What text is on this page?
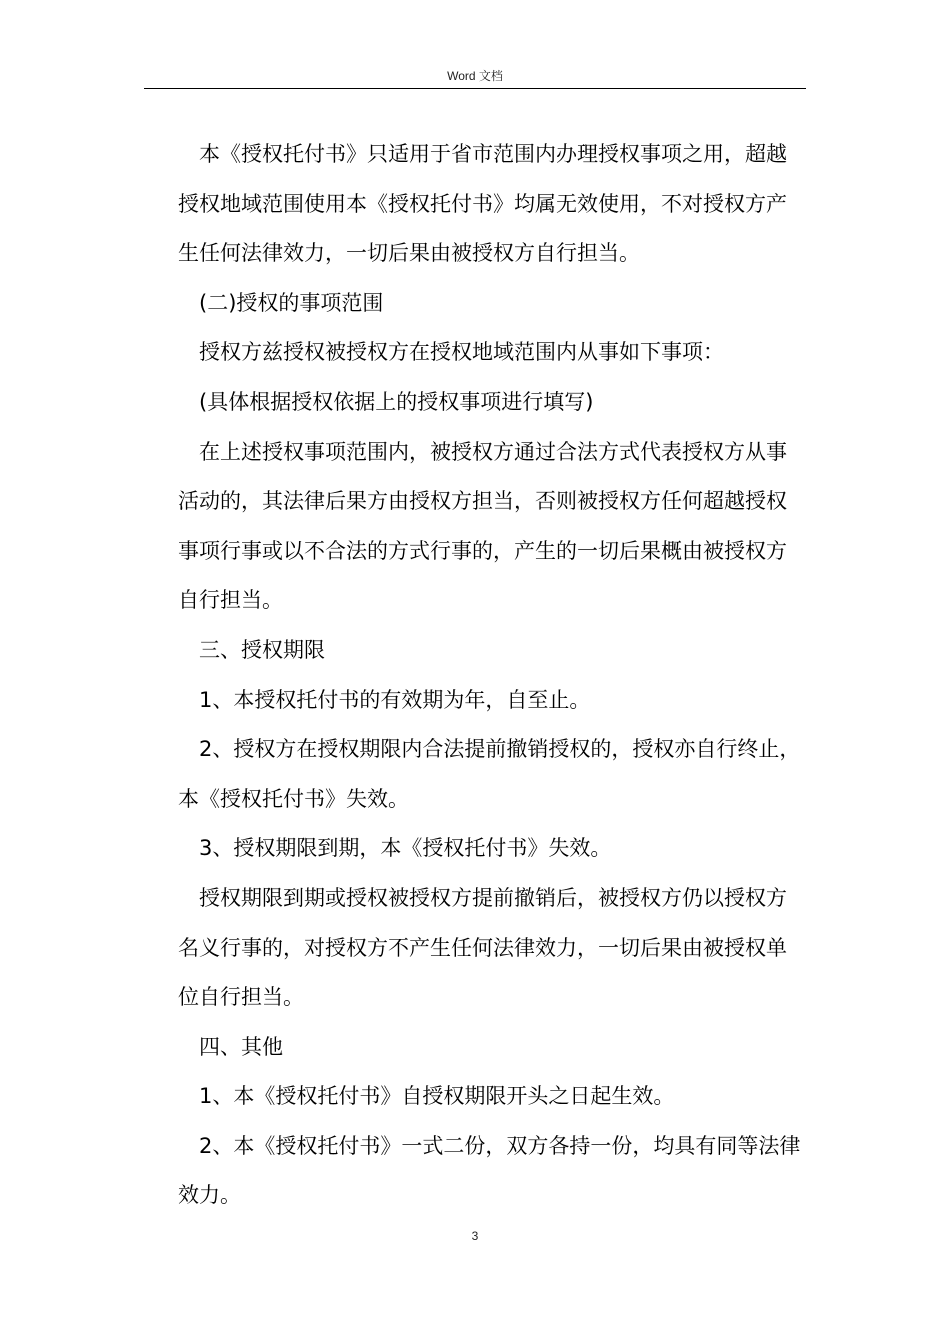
Word 文档

本《授权托付书》只适用于省市范围内办理授权事项之用，超越授权地域范围使用本《授权托付书》均属无效使用，不对授权方产生任何法律效力，一切后果由被授权方自行担当。

(二)授权的事项范围

授权方兹授权被授权方在授权地域范围内从事如下事项：

(具体根据授权依据上的授权事项进行填写)

在上述授权事项范围内，被授权方通过合法方式代表授权方从事活动的，其法律后果方由授权方担当，否则被授权方任何超越授权事项行事或以不合法的方式行事的，产生的一切后果概由被授权方自行担当。

三、授权期限

1、本授权托付书的有效期为年，自至止。

2、授权方在授权期限内合法提前撤销授权的，授权亦自行终止，本《授权托付书》失效。

3、授权期限到期，本《授权托付书》失效。

授权期限到期或授权被授权方提前撤销后，被授权方仍以授权方名义行事的，对授权方不产生任何法律效力，一切后果由被授权单位自行担当。

四、其他

1、本《授权托付书》自授权期限开头之日起生效。

2、本《授权托付书》一式二份，双方各持一份，均具有同等法律效力。

3
